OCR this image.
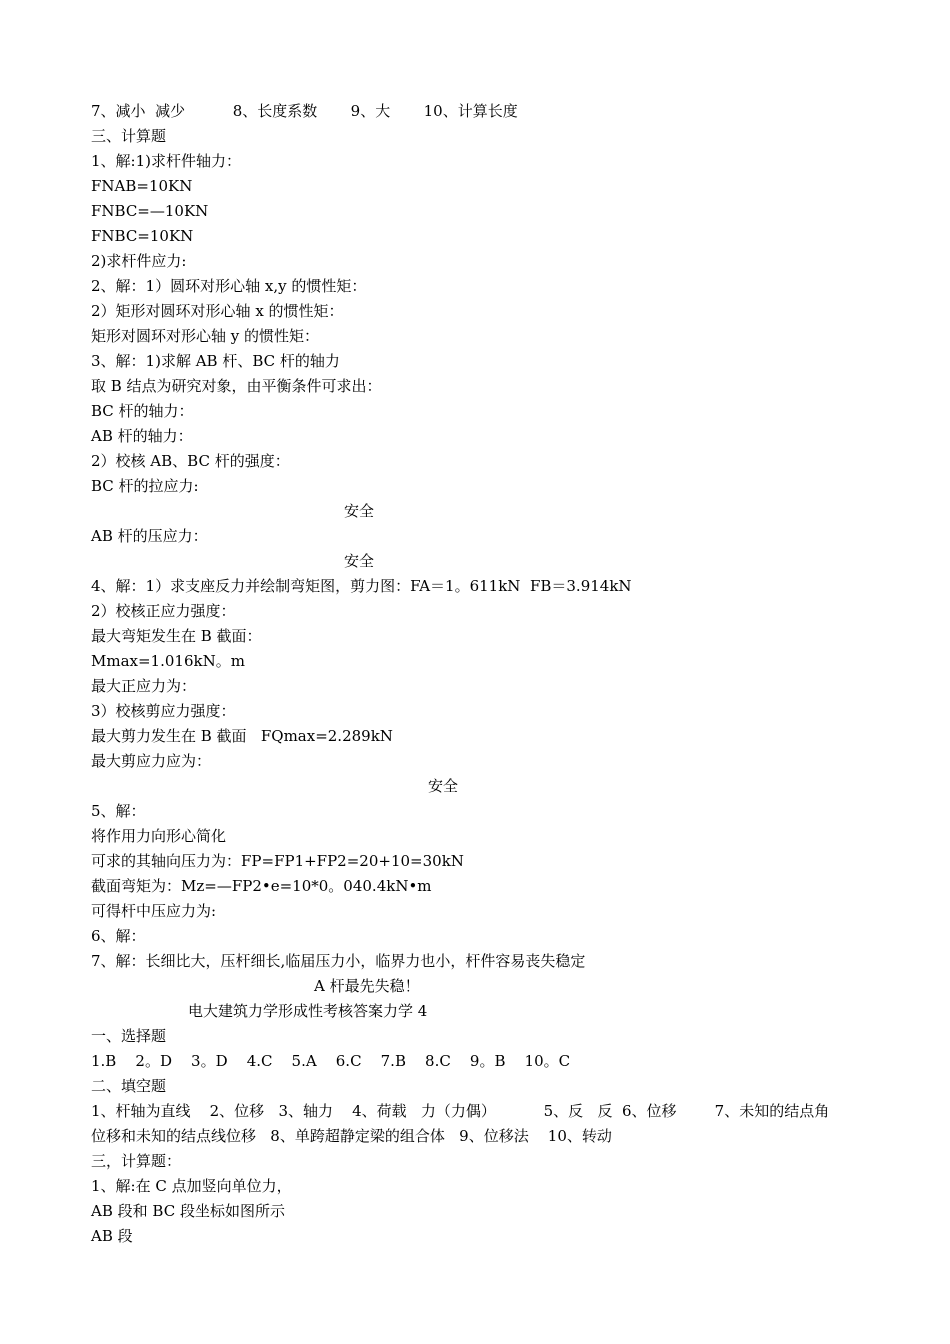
7、减小  减少          8、长度系数       9、大       10、计算长度
三、计算题
1、解:1)求杆件轴力：
FNAB=10KN
FNBC=—10KN
FNBC=10KN
2)求杆件应力:
2、解：1）圆环对形心轴 x,y 的惯性矩：
2）矩形对圆环对形心轴 x 的惯性矩：
矩形对圆环对形心轴 y 的惯性矩：
3、解：1)求解 AB 杆、BC 杆的轴力
取 B 结点为研究对象，由平衡条件可求出：
BC 杆的轴力：
AB 杆的轴力：
2）校核 AB、BC 杆的强度：
BC 杆的拉应力:
安全
AB 杆的压应力：
安全
4、解：1）求支座反力并绘制弯矩图，剪力图：FA＝1。611kN  FB＝3.914kN
2）校核正应力强度：
最大弯矩发生在 B 截面：
Mmax=1.016kN。m
最大正应力为：
3）校核剪应力强度：
最大剪力发生在 B 截面   FQmax=2.289kN
最大剪应力应为：
安全
5、解：
将作用力向形心简化
可求的其轴向压力为：FP=FP1+FP2=20+10=30kN
截面弯矩为：Mz=—FP2•e=10*0。040.4kN•m
可得杆中压应力为:
6、解：
7、解：长细比大，压杆细长,临届压力小，临界力也小，杆件容易丧失稳定
A 杆最先失稳！
电大建筑力学形成性考核答案力学 4
一、选择题
1.B    2。D    3。D    4.C    5.A    6.C    7.B    8.C    9。B    10。C
二、填空题
1、杆轴为直线    2、位移   3、轴力    4、荷载   力（力偶）          5、反   反  6、位移        7、未知的结点角
位移和未知的结点线位移   8、单跨超静定梁的组合体   9、位移法    10、转动
三，计算题：
1、解:在 C 点加竖向单位力，
AB 段和 BC 段坐标如图所示
AB 段
